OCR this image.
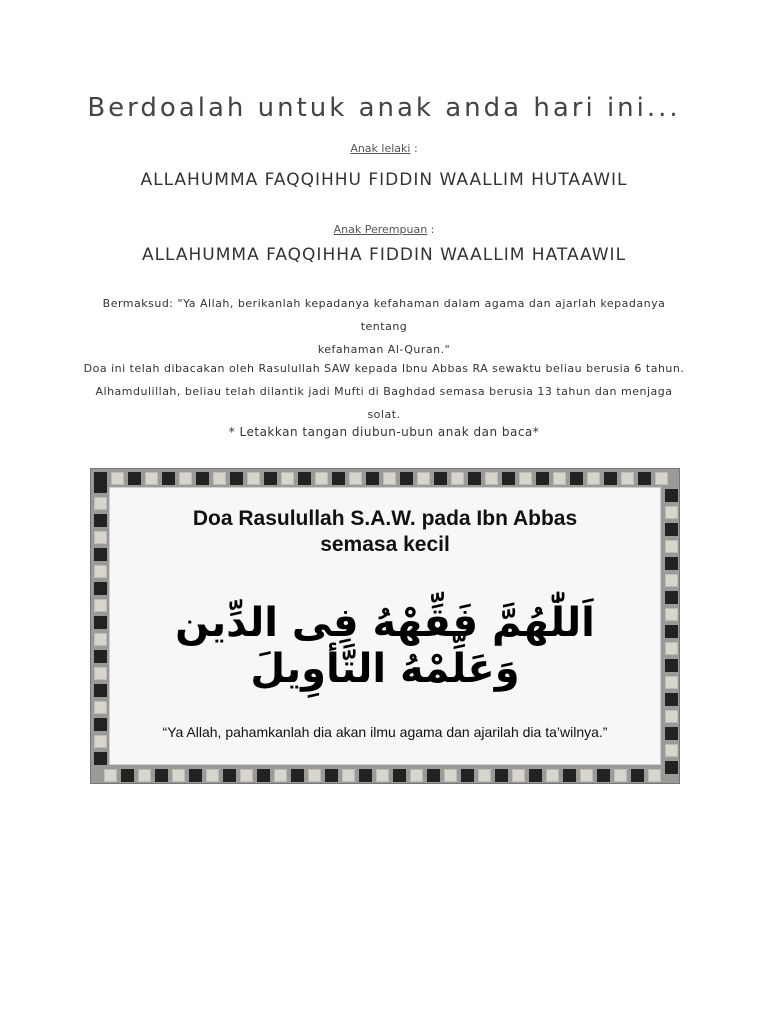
Berdoalah untuk anak anda hari ini...
Anak lelaki :
ALLAHUMMA FAQQIHHU FIDDIN WAALLIM HUTAAWIL
Anak Perempuan :
ALLAHUMMA FAQQIHHA FIDDIN WAALLIM HATAAWIL
Bermaksud: "Ya Allah, berikanlah kepadanya kefahaman dalam agama dan ajarlah kepadanya tentang
kefahaman Al-Quran."
Doa ini telah dibacakan oleh Rasulullah SAW kepada Ibnu Abbas RA sewaktu beliau berusia 6 tahun.
Alhamdulillah, beliau telah dilantik jadi Mufti di Baghdad semasa berusia 13 tahun dan menjaga solat.
* Letakkan tangan diubun-ubun anak dan baca*
Doa Rasulullah S.A.W. pada Ibn Abbas
semasa kecil
اَللّٰهُمَّ فَقِّهْهُ فِى الدِّين وَعَلِّمْهُ التَّأوِيلَ
“Ya Allah, pahamkanlah dia akan ilmu agama dan ajarilah dia ta’wilnya.”
